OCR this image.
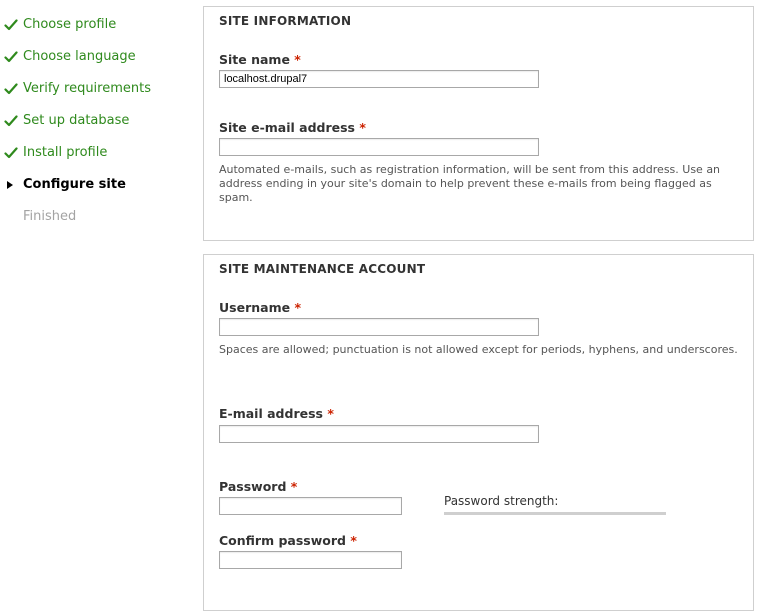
Choose profile
Choose language
Verify requirements
Set up database
Install profile
Configure site
Finished
SITE INFORMATION
Site name *
localhost.drupal7
Site e-mail address *
Automated e-mails, such as registration information, will be sent from this address. Use an address ending in your site's domain to help prevent these e-mails from being flagged as spam.
SITE MAINTENANCE ACCOUNT
Username *
Spaces are allowed; punctuation is not allowed except for periods, hyphens, and underscores.
E-mail address *
Password *
Password strength:
Confirm password *
